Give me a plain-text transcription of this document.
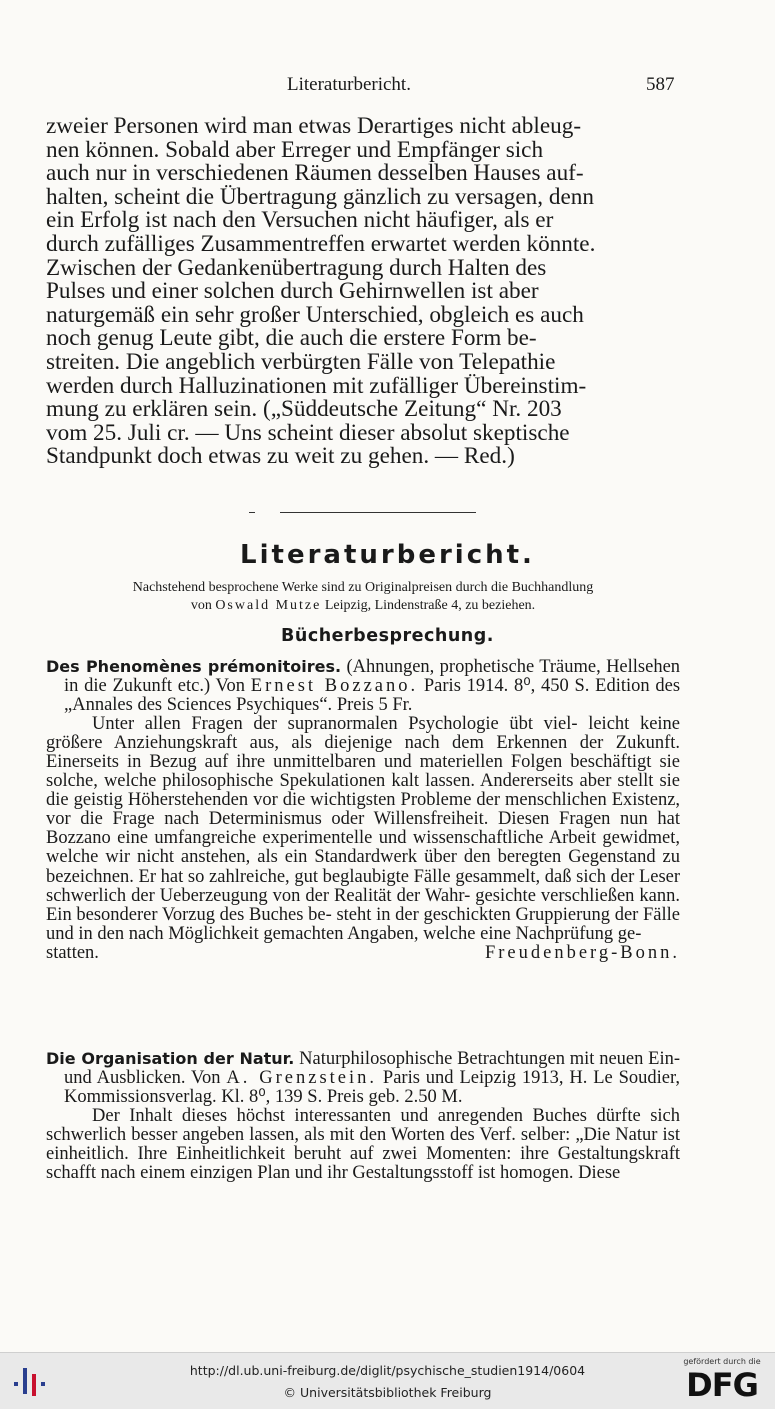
Literaturbericht.	587

zweier Personen wird man etwas Derartiges nicht ableug-

nen können. Sobald aber Erreger und Empfänger sich

auch nur in verschiedenen Räumen desselben Hauses auf-

halten, scheint die Übertragung gänzlich zu versagen, denn

ein Erfolg ist nach den Versuchen nicht häufiger, als er

durch zufälliges Zusammentreffen erwartet werden könnte.

Zwischen der Gedankenübertragung durch Halten des

Pulses und einer solchen durch Gehirnwellen ist aber

naturgemäß ein sehr großer Unterschied, obgleich es auch

noch genug Leute gibt, die auch die erstere Form be-

streiten. Die angeblich verbürgten Fälle von Telepathie

werden durch Halluzinationen mit zufälliger Übereinstim-

mung zu erklären sein. („Süddeutsche Zeitung“ Nr. 203

vom 25. Juli cr. — Uns scheint dieser absolut skeptische

Standpunkt doch etwas zu weit zu gehen. — Red.)

Literaturbericht.
Nachstehend besprochene Werke sind zu Originalpreisen durch die Buchhandlung
von Oswald Mutze Leipzig, Lindenstraße 4, zu beziehen.
Bücherbesprechung.

Des Phenomènes prémonitoires. (Ahnungen, prophetische Träume, Hellsehen in die Zukunft etc.) Von Ernest Bozzano. Paris 1914. 8⁰, 450 S. Edition des „Annales des Sciences Psychiques“. Preis 5 Fr.

Unter allen Fragen der supranormalen Psychologie übt viel- leicht keine größere Anziehungskraft aus, als diejenige nach dem Erkennen der Zukunft. Einerseits in Bezug auf ihre unmittelbaren und materiellen Folgen beschäftigt sie solche, welche philosophische Spekulationen kalt lassen. Andererseits aber stellt sie die geistig Höherstehenden vor die wichtigsten Probleme der menschlichen Existenz, vor die Frage nach Determinismus oder Willensfreiheit. Diesen Fragen nun hat Bozzano eine umfangreiche experimentelle und wissenschaftliche Arbeit gewidmet, welche wir nicht anstehen, als ein Standardwerk über den beregten Gegenstand zu bezeichnen. Er hat so zahlreiche, gut beglaubigte Fälle gesammelt, daß sich der Leser schwerlich der Ueberzeugung von der Realität der Wahr- gesichte verschließen kann. Ein besonderer Vorzug des Buches be- steht in der geschickten Gruppierung der Fälle und in den nach Möglichkeit gemachten Angaben, welche eine Nachprüfung ge-

statten.	Freudenberg-Bonn.

Die Organisation der Natur. Naturphilosophische Betrachtungen mit neuen Ein- und Ausblicken. Von A. Grenzstein. Paris und Leipzig 1913, H. Le Soudier, Kommissionsverlag. Kl. 8⁰, 139 S. Preis geb. 2.50 M.

Der Inhalt dieses höchst interessanten und anregenden Buches dürfte sich schwerlich besser angeben lassen, als mit den Worten des Verf. selber: „Die Natur ist einheitlich. Ihre Einheitlichkeit beruht auf zwei Momenten: ihre Gestaltungskraft schafft nach einem einzigen Plan und ihr Gestaltungsstoff ist homogen. Diese

http://dl.ub.uni-freiburg.de/diglit/psychische_studien1914/0604
© Universitätsbibliothek Freiburg
gefördert durch die
DFG
